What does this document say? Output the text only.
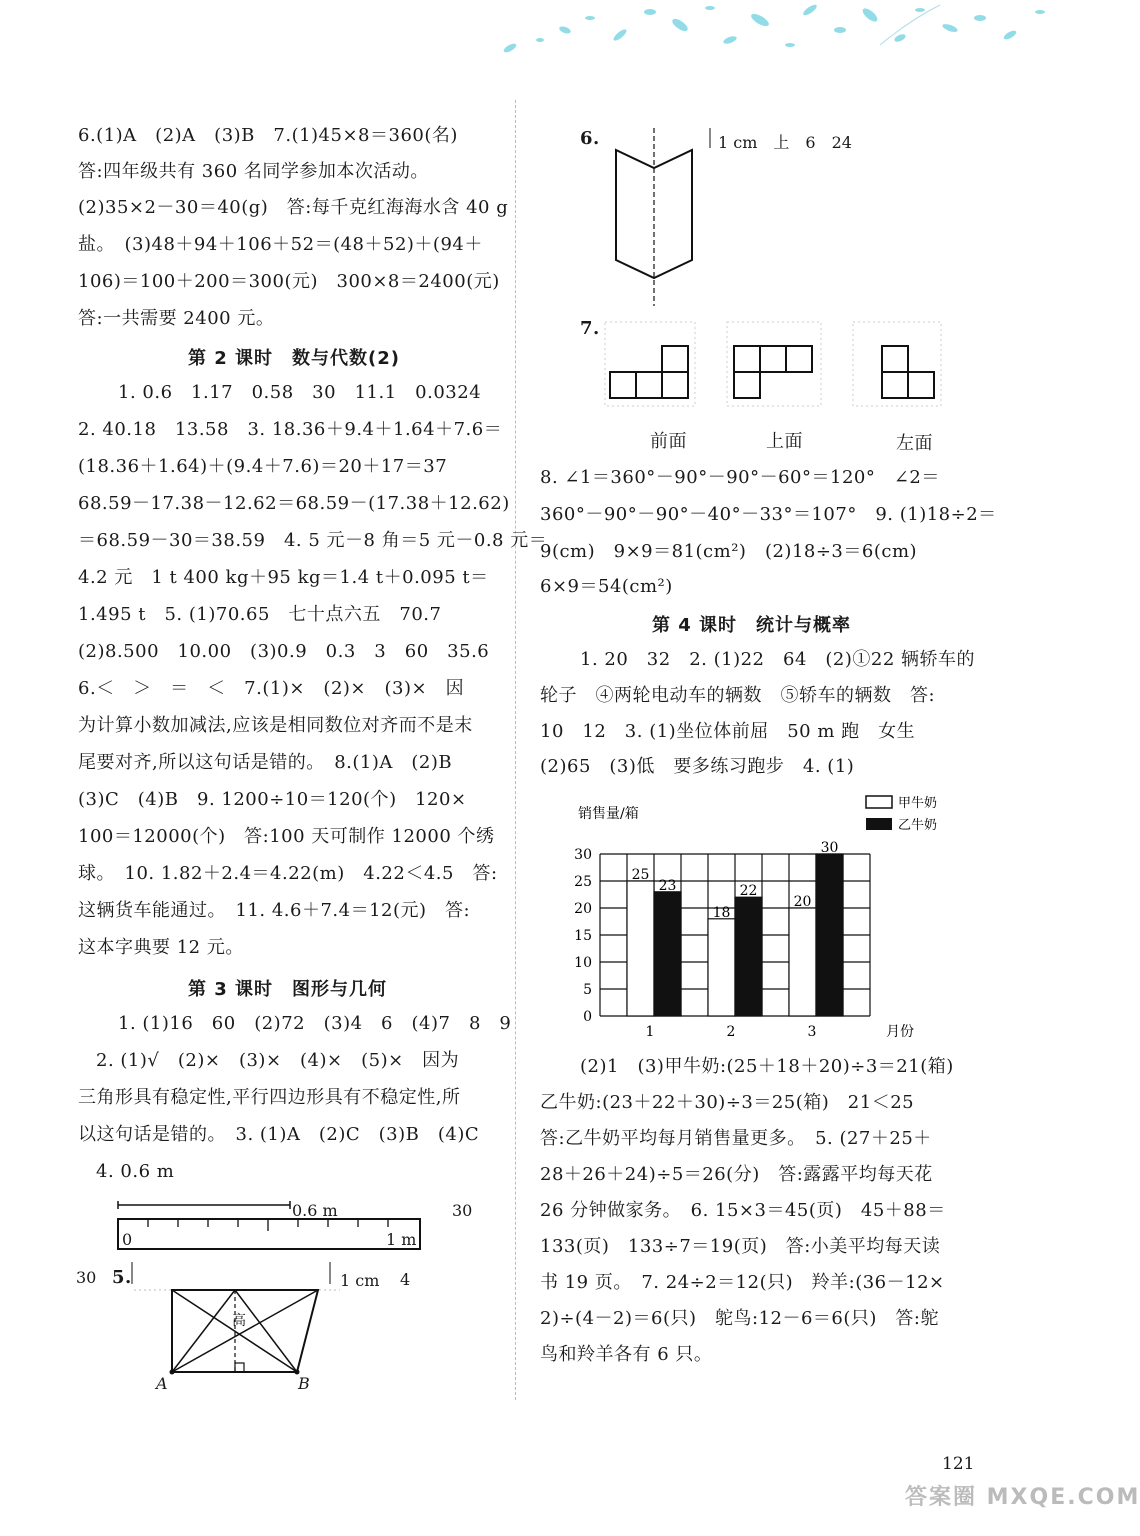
6.(1)A　(2)A　(3)B　7.(1)45×8＝360(名)
答:四年级共有 360 名同学参加本次活动。
(2)35×2－30＝40(g)　答:每千克红海海水含 40 g
盐。　(3)48＋94＋106＋52＝(48＋52)＋(94＋
106)＝100＋200＝300(元)　300×8＝2400(元)
答:一共需要 2400 元。
第 2 课时　数与代数(2)
1. 0.6　1.17　0.58　30　11.1　0.0324
2. 40.18　13.58　3. 18.36＋9.4＋1.64＋7.6＝
(18.36＋1.64)＋(9.4＋7.6)＝20＋17＝37
68.59－17.38－12.62＝68.59－(17.38＋12.62)
＝68.59－30＝38.59　4. 5 元－8 角＝5 元－0.8 元＝
4.2 元　1 t 400 kg＋95 kg＝1.4 t＋0.095 t＝
1.495 t　5. (1)70.65　七十点六五　70.7
(2)8.500　10.00　(3)0.9　0.3　3　60　35.6
6.＜　＞　＝　＜　7.(1)×　(2)×　(3)×　因
为计算小数加减法,应该是相同数位对齐而不是末
尾要对齐,所以这句话是错的。　8.(1)A　(2)B
(3)C　(4)B　9. 1200÷10＝120(个)　120×
100＝12000(个)　答:100 天可制作 12000 个绣
球。　10. 1.82＋2.4＝4.22(m)　4.22＜4.5　答:
这辆货车能通过。　11. 4.6＋7.4＝12(元)　答:
这本字典要 12 元。
第 3 课时　图形与几何
1. (1)16　60　(2)72　(3)4　6　(4)7　8　9
2. (1)√　(2)×　(3)×　(4)×　(5)×　因为
三角形具有稳定性,平行四边形具有不稳定性,所
以这句话是错的。　3. (1)A　(2)C　(3)B　(4)C
4. 0.6 m
0.6 m
0	1 m
30
30 5.	1 cm 4
高
A	B
6.	1 cm　上　6　24
7.
前面	上面	左面
8. ∠1＝360°－90°－90°－60°＝120°　∠2＝
360°－90°－90°－40°－33°＝107°　9. (1)18÷2＝
9(cm)　9×9＝81(cm²)　(2)18÷3＝6(cm)
6×9＝54(cm²)
第 4 课时　统计与概率
1. 20　32　2. (1)22　64　(2)①22 辆轿车的
轮子　④两轮电动车的辆数　⑤轿车的辆数　答:
10　12　3. (1)坐位体前屈　50 m 跑　女生
(2)65　(3)低　要多练习跑步　4. (1)
0
5
10
15
20
25
30
25
23
1
18
22
2
20
30
3
销售量/箱
月份
甲牛奶
乙牛奶
(2)1　(3)甲牛奶:(25＋18＋20)÷3＝21(箱)
乙牛奶:(23＋22＋30)÷3＝25(箱)　21＜25
答:乙牛奶平均每月销售量更多。　5. (27＋25＋
28＋26＋24)÷5＝26(分)　答:露露平均每天花
26 分钟做家务。　6. 15×3＝45(页)　45＋88＝
133(页)　133÷7＝19(页)　答:小美平均每天读
书 19 页。　7. 24÷2＝12(只)　羚羊:(36－12×
2)÷(4－2)＝6(只)　鸵鸟:12－6＝6(只)　答:鸵
鸟和羚羊各有 6 只。
121
答案圈 MXQE.COM
